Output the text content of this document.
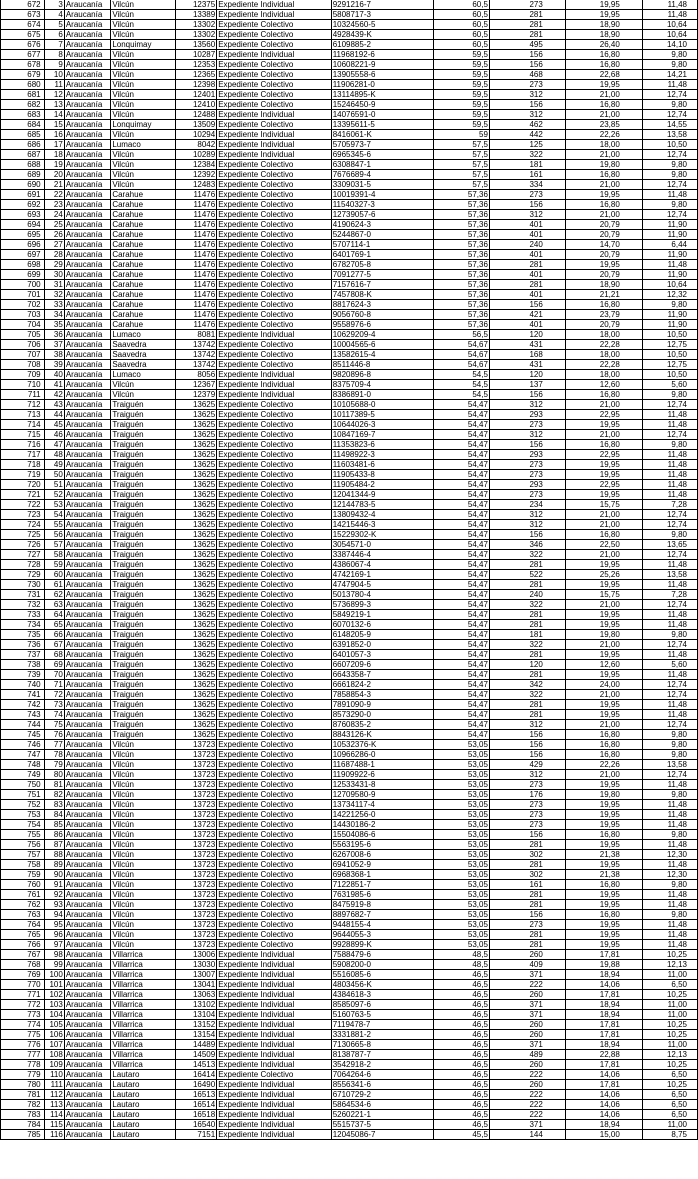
672	3	Araucanía	Vilcún	12375	Expediente Individual	9291216-7	60,5	273	19,95	11,48
673	4	Araucanía	Vilcún	13389	Expediente Individual	5808717-3	60,5	281	19,95	11,48
674	5	Araucanía	Vilcún	13302	Expediente Colectivo	10324560-5	60,5	281	18,90	10,64
675	6	Araucanía	Vilcún	13302	Expediente Colectivo	4928439-K	60,5	281	18,90	10,64
676	7	Araucanía	Lonquimay	13560	Expediente Colectivo	6109885-2	60,5	495	26,40	14,10
677	8	Araucanía	Vilcún	10287	Expediente Individual	11968192-6	59,5	156	16,80	9,80
678	9	Araucanía	Vilcún	12353	Expediente Colectivo	10608221-9	59,5	156	16,80	9,80
679	10	Araucanía	Vilcún	12365	Expediente Colectivo	13905558-6	59,5	468	22,68	14,21
680	11	Araucanía	Vilcún	12398	Expediente Colectivo	11906281-0	59,5	273	19,95	11,48
681	12	Araucanía	Vilcún	12401	Expediente Colectivo	13114895-K	59,5	312	21,00	12,74
682	13	Araucanía	Vilcún	12410	Expediente Colectivo	15246450-9	59,5	156	16,80	9,80
683	14	Araucanía	Vilcún	12488	Expediente Individual	14076591-0	59,5	312	21,00	12,74
684	15	Araucanía	Lonquimay	13509	Expediente Colectivo	13395611-5	59,5	462	23,85	14,55
685	16	Araucanía	Vilcún	10294	Expediente Individual	8416061-K	59	442	22,26	13,58
686	17	Araucanía	Lumaco	8042	Expediente Individual	5705973-7	57,5	125	18,00	10,50
687	18	Araucanía	Vilcún	10289	Expediente Individual	6965345-6	57,5	322	21,00	12,74
688	19	Araucanía	Vilcún	12384	Expediente Colectivo	6308847-1	57,5	181	19,80	9,80
689	20	Araucanía	Vilcún	12392	Expediente Colectivo	7676689-4	57,5	161	16,80	9,80
690	21	Araucanía	Vilcún	12483	Expediente Colectivo	3309031-5	57,5	334	21,00	12,74
691	22	Araucanía	Carahue	11476	Expediente Colectivo	10019391-4	57,36	273	19,95	11,48
692	23	Araucanía	Carahue	11476	Expediente Colectivo	11540327-3	57,36	156	16,80	9,80
693	24	Araucanía	Carahue	11476	Expediente Colectivo	12739057-6	57,36	312	21,00	12,74
694	25	Araucanía	Carahue	11476	Expediente Colectivo	4190624-3	57,36	401	20,79	11,90
695	26	Araucanía	Carahue	11476	Expediente Colectivo	5244867-0	57,36	401	20,79	11,90
696	27	Araucanía	Carahue	11476	Expediente Colectivo	5707114-1	57,36	240	14,70	6,44
697	28	Araucanía	Carahue	11476	Expediente Colectivo	6401769-1	57,36	401	20,79	11,90
698	29	Araucanía	Carahue	11476	Expediente Colectivo	6782705-8	57,36	281	19,95	11,48
699	30	Araucanía	Carahue	11476	Expediente Colectivo	7091277-5	57,36	401	20,79	11,90
700	31	Araucanía	Carahue	11476	Expediente Colectivo	7157616-7	57,36	281	18,90	10,64
701	32	Araucanía	Carahue	11476	Expediente Colectivo	7457808-K	57,36	401	21,21	12,32
702	33	Araucanía	Carahue	11476	Expediente Colectivo	8817624-3	57,36	156	16,80	9,80
703	34	Araucanía	Carahue	11476	Expediente Colectivo	9056760-8	57,36	421	23,79	11,90
704	35	Araucanía	Carahue	11476	Expediente Colectivo	9558976-6	57,36	401	20,79	11,90
705	36	Araucanía	Lumaco	8081	Expediente Individual	10629209-4	56,5	120	18,00	10,50
706	37	Araucanía	Saavedra	13742	Expediente Colectivo	10004565-6	54,67	431	22,28	12,75
707	38	Araucanía	Saavedra	13742	Expediente Colectivo	13582615-4	54,67	168	18,00	10,50
708	39	Araucanía	Saavedra	13742	Expediente Colectivo	8511446-8	54,67	431	22,28	12,75
709	40	Araucanía	Lumaco	8056	Expediente Individual	9820896-8	54,5	120	18,00	10,50
710	41	Araucanía	Vilcún	12367	Expediente Individual	8375709-4	54,5	137	12,60	5,60
711	42	Araucanía	Vilcún	12379	Expediente Individual	8386891-0	54,5	156	16,80	9,80
712	43	Araucanía	Traiguén	13625	Expediente Colectivo	10105688-0	54,47	312	21,00	12,74
713	44	Araucanía	Traiguén	13625	Expediente Colectivo	10117389-5	54,47	293	22,95	11,48
714	45	Araucanía	Traiguén	13625	Expediente Colectivo	10644026-3	54,47	273	19,95	11,48
715	46	Araucanía	Traiguén	13625	Expediente Colectivo	10847169-7	54,47	312	21,00	12,74
716	47	Araucanía	Traiguén	13625	Expediente Colectivo	11353823-6	54,47	156	16,80	9,80
717	48	Araucanía	Traiguén	13625	Expediente Colectivo	11498922-3	54,47	293	22,95	11,48
718	49	Araucanía	Traiguén	13625	Expediente Colectivo	11603481-6	54,47	273	19,95	11,48
719	50	Araucanía	Traiguén	13625	Expediente Colectivo	11905433-8	54,47	273	19,95	11,48
720	51	Araucanía	Traiguén	13625	Expediente Colectivo	11905484-2	54,47	293	22,95	11,48
721	52	Araucanía	Traiguén	13625	Expediente Colectivo	12041344-9	54,47	273	19,95	11,48
722	53	Araucanía	Traiguén	13625	Expediente Colectivo	12144783-5	54,47	234	15,75	7,28
723	54	Araucanía	Traiguén	13625	Expediente Colectivo	13809432-4	54,47	312	21,00	12,74
724	55	Araucanía	Traiguén	13625	Expediente Colectivo	14215446-3	54,47	312	21,00	12,74
725	56	Araucanía	Traiguén	13625	Expediente Colectivo	15229302-K	54,47	156	16,80	9,80
726	57	Araucanía	Traiguén	13625	Expediente Colectivo	3054571-0	54,47	346	22,50	13,65
727	58	Araucanía	Traiguén	13625	Expediente Colectivo	3387446-4	54,47	322	21,00	12,74
728	59	Araucanía	Traiguén	13625	Expediente Colectivo	4386067-4	54,47	281	19,95	11,48
729	60	Araucanía	Traiguén	13625	Expediente Colectivo	4742169-1	54,47	522	25,26	13,58
730	61	Araucanía	Traiguén	13625	Expediente Colectivo	4747904-5	54,47	281	19,95	11,48
731	62	Araucanía	Traiguén	13625	Expediente Colectivo	5013780-4	54,47	240	15,75	7,28
732	63	Araucanía	Traiguén	13625	Expediente Colectivo	5736899-3	54,47	322	21,00	12,74
733	64	Araucanía	Traiguén	13625	Expediente Colectivo	5849219-1	54,47	281	19,95	11,48
734	65	Araucanía	Traiguén	13625	Expediente Colectivo	6070132-6	54,47	281	19,95	11,48
735	66	Araucanía	Traiguén	13625	Expediente Colectivo	6148205-9	54,47	181	19,80	9,80
736	67	Araucanía	Traiguén	13625	Expediente Colectivo	6391852-0	54,47	322	21,00	12,74
737	68	Araucanía	Traiguén	13625	Expediente Colectivo	6401057-3	54,47	281	19,95	11,48
738	69	Araucanía	Traiguén	13625	Expediente Colectivo	6607209-6	54,47	120	12,60	5,60
739	70	Araucanía	Traiguén	13625	Expediente Colectivo	6643358-7	54,47	281	19,95	11,48
740	71	Araucanía	Traiguén	13625	Expediente Colectivo	6661824-2	54,47	342	24,00	12,74
741	72	Araucanía	Traiguén	13625	Expediente Colectivo	7858854-3	54,47	322	21,00	12,74
742	73	Araucanía	Traiguén	13625	Expediente Colectivo	7891090-9	54,47	281	19,95	11,48
743	74	Araucanía	Traiguén	13625	Expediente Colectivo	8573290-0	54,47	281	19,95	11,48
744	75	Araucanía	Traiguén	13625	Expediente Colectivo	8760835-2	54,47	312	21,00	12,74
745	76	Araucanía	Traiguén	13625	Expediente Colectivo	8843126-K	54,47	156	16,80	9,80
746	77	Araucanía	Vilcún	13723	Expediente Colectivo	10532376-K	53,05	156	16,80	9,80
747	78	Araucanía	Vilcún	13723	Expediente Colectivo	10966286-0	53,05	156	16,80	9,80
748	79	Araucanía	Vilcún	13723	Expediente Colectivo	11687488-1	53,05	429	22,26	13,58
749	80	Araucanía	Vilcún	13723	Expediente Colectivo	11909922-6	53,05	312	21,00	12,74
750	81	Araucanía	Vilcún	13723	Expediente Colectivo	12533431-8	53,05	273	19,95	11,48
751	82	Araucanía	Vilcún	13723	Expediente Colectivo	12709580-9	53,05	176	19,80	9,80
752	83	Araucanía	Vilcún	13723	Expediente Colectivo	13734117-4	53,05	273	19,95	11,48
753	84	Araucanía	Vilcún	13723	Expediente Colectivo	14221256-0	53,05	273	19,95	11,48
754	85	Araucanía	Vilcún	13723	Expediente Colectivo	14430186-2	53,05	273	19,95	11,48
755	86	Araucanía	Vilcún	13723	Expediente Colectivo	15504086-6	53,05	156	16,80	9,80
756	87	Araucanía	Vilcún	13723	Expediente Colectivo	5563195-6	53,05	281	19,95	11,48
757	88	Araucanía	Vilcún	13723	Expediente Colectivo	6267008-6	53,05	302	21,38	12,30
758	89	Araucanía	Vilcún	13723	Expediente Colectivo	6941052-9	53,05	281	19,95	11,48
759	90	Araucanía	Vilcún	13723	Expediente Colectivo	6968368-1	53,05	302	21,38	12,30
760	91	Araucanía	Vilcún	13723	Expediente Colectivo	7122851-7	53,05	161	16,80	9,80
761	92	Araucanía	Vilcún	13723	Expediente Colectivo	7631985-6	53,05	281	19,95	11,48
762	93	Araucanía	Vilcún	13723	Expediente Colectivo	8475919-8	53,05	281	19,95	11,48
763	94	Araucanía	Vilcún	13723	Expediente Colectivo	8897682-7	53,05	156	16,80	9,80
764	95	Araucanía	Vilcún	13723	Expediente Colectivo	9448155-4	53,05	273	19,95	11,48
765	96	Araucanía	Vilcún	13723	Expediente Colectivo	9644055-3	53,05	281	19,95	11,48
766	97	Araucanía	Vilcún	13723	Expediente Colectivo	9928899-K	53,05	281	19,95	11,48
767	98	Araucanía	Villarrica	13006	Expediente Individual	7588479-6	48,5	260	17,81	10,25
768	99	Araucanía	Villarrica	13030	Expediente Individual	5908200-0	48,5	409	19,88	12,13
769	100	Araucanía	Villarrica	13007	Expediente Individual	5516085-6	46,5	371	18,94	11,00
770	101	Araucanía	Villarrica	13041	Expediente Individual	4803456-K	46,5	222	14,06	6,50
771	102	Araucanía	Villarrica	13063	Expediente Individual	4384618-3	46,5	260	17,81	10,25
772	103	Araucanía	Villarrica	13102	Expediente Individual	8585097-6	46,5	371	18,94	11,00
773	104	Araucanía	Villarrica	13104	Expediente Individual	5160763-5	46,5	371	18,94	11,00
774	105	Araucanía	Villarrica	13152	Expediente Individual	7119478-7	46,5	260	17,81	10,25
775	106	Araucanía	Villarrica	13154	Expediente Individual	3331881-2	46,5	260	17,81	10,25
776	107	Araucanía	Villarrica	14489	Expediente Individual	7130665-8	46,5	371	18,94	11,00
777	108	Araucanía	Villarrica	14509	Expediente Individual	8138787-7	46,5	489	22,88	12,13
778	109	Araucanía	Villarrica	14513	Expediente Individual	3542918-2	46,5	260	17,81	10,25
779	110	Araucanía	Lautaro	16414	Expediente Colectivo	7064264-6	46,5	222	14,06	6,50
780	111	Araucanía	Lautaro	16490	Expediente Individual	8556341-6	46,5	260	17,81	10,25
781	112	Araucanía	Lautaro	16513	Expediente Individual	6710729-2	46,5	222	14,06	6,50
782	113	Araucanía	Lautaro	16514	Expediente Individual	5864534-6	46,5	222	14,06	6,50
783	114	Araucanía	Lautaro	16518	Expediente Individual	5260221-1	46,5	222	14,06	6,50
784	115	Araucanía	Lautaro	16540	Expediente Individual	5515737-5	46,5	371	18,94	11,00
785	116	Araucanía	Lautaro	7151	Expediente Individual	12045086-7	45,5	144	15,00	8,75
